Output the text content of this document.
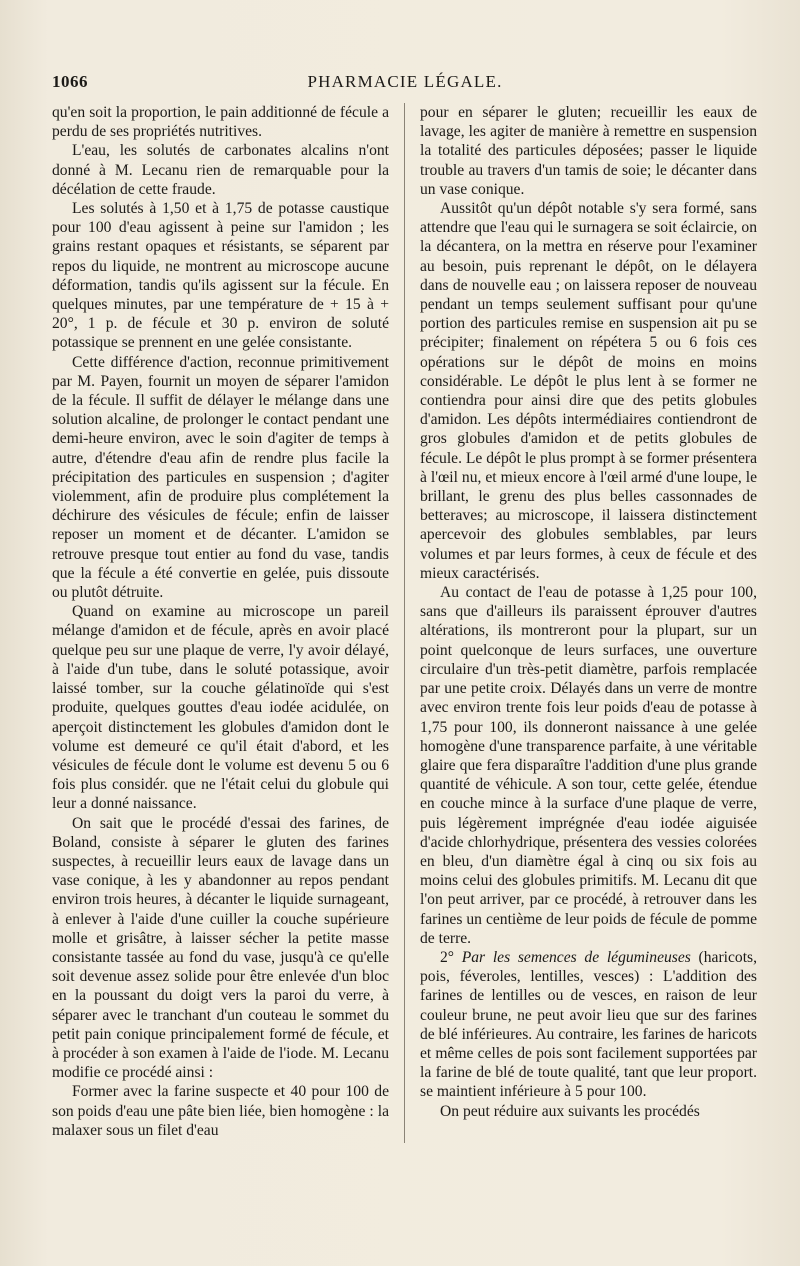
1066	PHARMACIE LÉGALE.

qu'en soit la proportion, le pain additionné de fécule a perdu de ses propriétés nutritives.

L'eau, les solutés de carbonates alcalins n'ont donné à M. Lecanu rien de remarquable pour la décélation de cette fraude.

Les solutés à 1,50 et à 1,75 de potasse caustique pour 100 d'eau agissent à peine sur l'amidon ; les grains restant opaques et résistants, se séparent par repos du liquide, ne montrent au microscope aucune déformation, tandis qu'ils agissent sur la fécule. En quelques minutes, par une température de + 15 à + 20°, 1 p. de fécule et 30 p. environ de soluté potassique se prennent en une gelée consistante.

Cette différence d'action, reconnue primitivement par M. Payen, fournit un moyen de séparer l'amidon de la fécule. Il suffit de délayer le mélange dans une solution alcaline, de prolonger le contact pendant une demi-heure environ, avec le soin d'agiter de temps à autre, d'étendre d'eau afin de rendre plus facile la précipitation des particules en suspension ; d'agiter violemment, afin de produire plus complétement la déchirure des vésicules de fécule; enfin de laisser reposer un moment et de décanter. L'amidon se retrouve presque tout entier au fond du vase, tandis que la fécule a été convertie en gelée, puis dissoute ou plutôt détruite.

Quand on examine au microscope un pareil mélange d'amidon et de fécule, après en avoir placé quelque peu sur une plaque de verre, l'y avoir délayé, à l'aide d'un tube, dans le soluté potassique, avoir laissé tomber, sur la couche gélatinoïde qui s'est produite, quelques gouttes d'eau iodée acidulée, on aperçoit distinctement les globules d'amidon dont le volume est demeuré ce qu'il était d'abord, et les vésicules de fécule dont le volume est devenu 5 ou 6 fois plus considér. que ne l'était celui du globule qui leur a donné naissance.

On sait que le procédé d'essai des farines, de Boland, consiste à séparer le gluten des farines suspectes, à recueillir leurs eaux de lavage dans un vase conique, à les y abandonner au repos pendant environ trois heures, à décanter le liquide surnageant, à enlever à l'aide d'une cuiller la couche supérieure molle et grisâtre, à laisser sécher la petite masse consistante tassée au fond du vase, jusqu'à ce qu'elle soit devenue assez solide pour être enlevée d'un bloc en la poussant du doigt vers la paroi du verre, à séparer avec le tranchant d'un couteau le sommet du petit pain conique principalement formé de fécule, et à procéder à son examen à l'aide de l'iode. M. Lecanu modifie ce procédé ainsi :

Former avec la farine suspecte et 40 pour 100 de son poids d'eau une pâte bien liée, bien homogène : la malaxer sous un filet d'eau

pour en séparer le gluten; recueillir les eaux de lavage, les agiter de manière à remettre en suspension la totalité des particules déposées; passer le liquide trouble au travers d'un tamis de soie; le décanter dans un vase conique.

Aussitôt qu'un dépôt notable s'y sera formé, sans attendre que l'eau qui le surnagera se soit éclaircie, on la décantera, on la mettra en réserve pour l'examiner au besoin, puis reprenant le dépôt, on le délayera dans de nouvelle eau ; on laissera reposer de nouveau pendant un temps seulement suffisant pour qu'une portion des particules remise en suspension ait pu se précipiter; finalement on répétera 5 ou 6 fois ces opérations sur le dépôt de moins en moins considérable. Le dépôt le plus lent à se former ne contiendra pour ainsi dire que des petits globules d'amidon. Les dépôts intermédiaires contiendront de gros globules d'amidon et de petits globules de fécule. Le dépôt le plus prompt à se former présentera à l'œil nu, et mieux encore à l'œil armé d'une loupe, le brillant, le grenu des plus belles cassonnades de betteraves; au microscope, il laissera distinctement apercevoir des globules semblables, par leurs volumes et par leurs formes, à ceux de fécule et des mieux caractérisés.

Au contact de l'eau de potasse à 1,25 pour 100, sans que d'ailleurs ils paraissent éprouver d'autres altérations, ils montreront pour la plupart, sur un point quelconque de leurs surfaces, une ouverture circulaire d'un très-petit diamètre, parfois remplacée par une petite croix. Délayés dans un verre de montre avec environ trente fois leur poids d'eau de potasse à 1,75 pour 100, ils donneront naissance à une gelée homogène d'une transparence parfaite, à une véritable glaire que fera disparaître l'addition d'une plus grande quantité de véhicule. A son tour, cette gelée, étendue en couche mince à la surface d'une plaque de verre, puis légèrement imprégnée d'eau iodée aiguisée d'acide chlorhydrique, présentera des vessies colorées en bleu, d'un diamètre égal à cinq ou six fois au moins celui des globules primitifs. M. Lecanu dit que l'on peut arriver, par ce procédé, à retrouver dans les farines un centième de leur poids de fécule de pomme de terre.

2° Par les semences de légumineuses (haricots, pois, féveroles, lentilles, vesces) : L'addition des farines de lentilles ou de vesces, en raison de leur couleur brune, ne peut avoir lieu que sur des farines de blé inférieures. Au contraire, les farines de haricots et même celles de pois sont facilement supportées par la farine de blé de toute qualité, tant que leur proport. se maintient inférieure à 5 pour 100.

On peut réduire aux suivants les procédés
